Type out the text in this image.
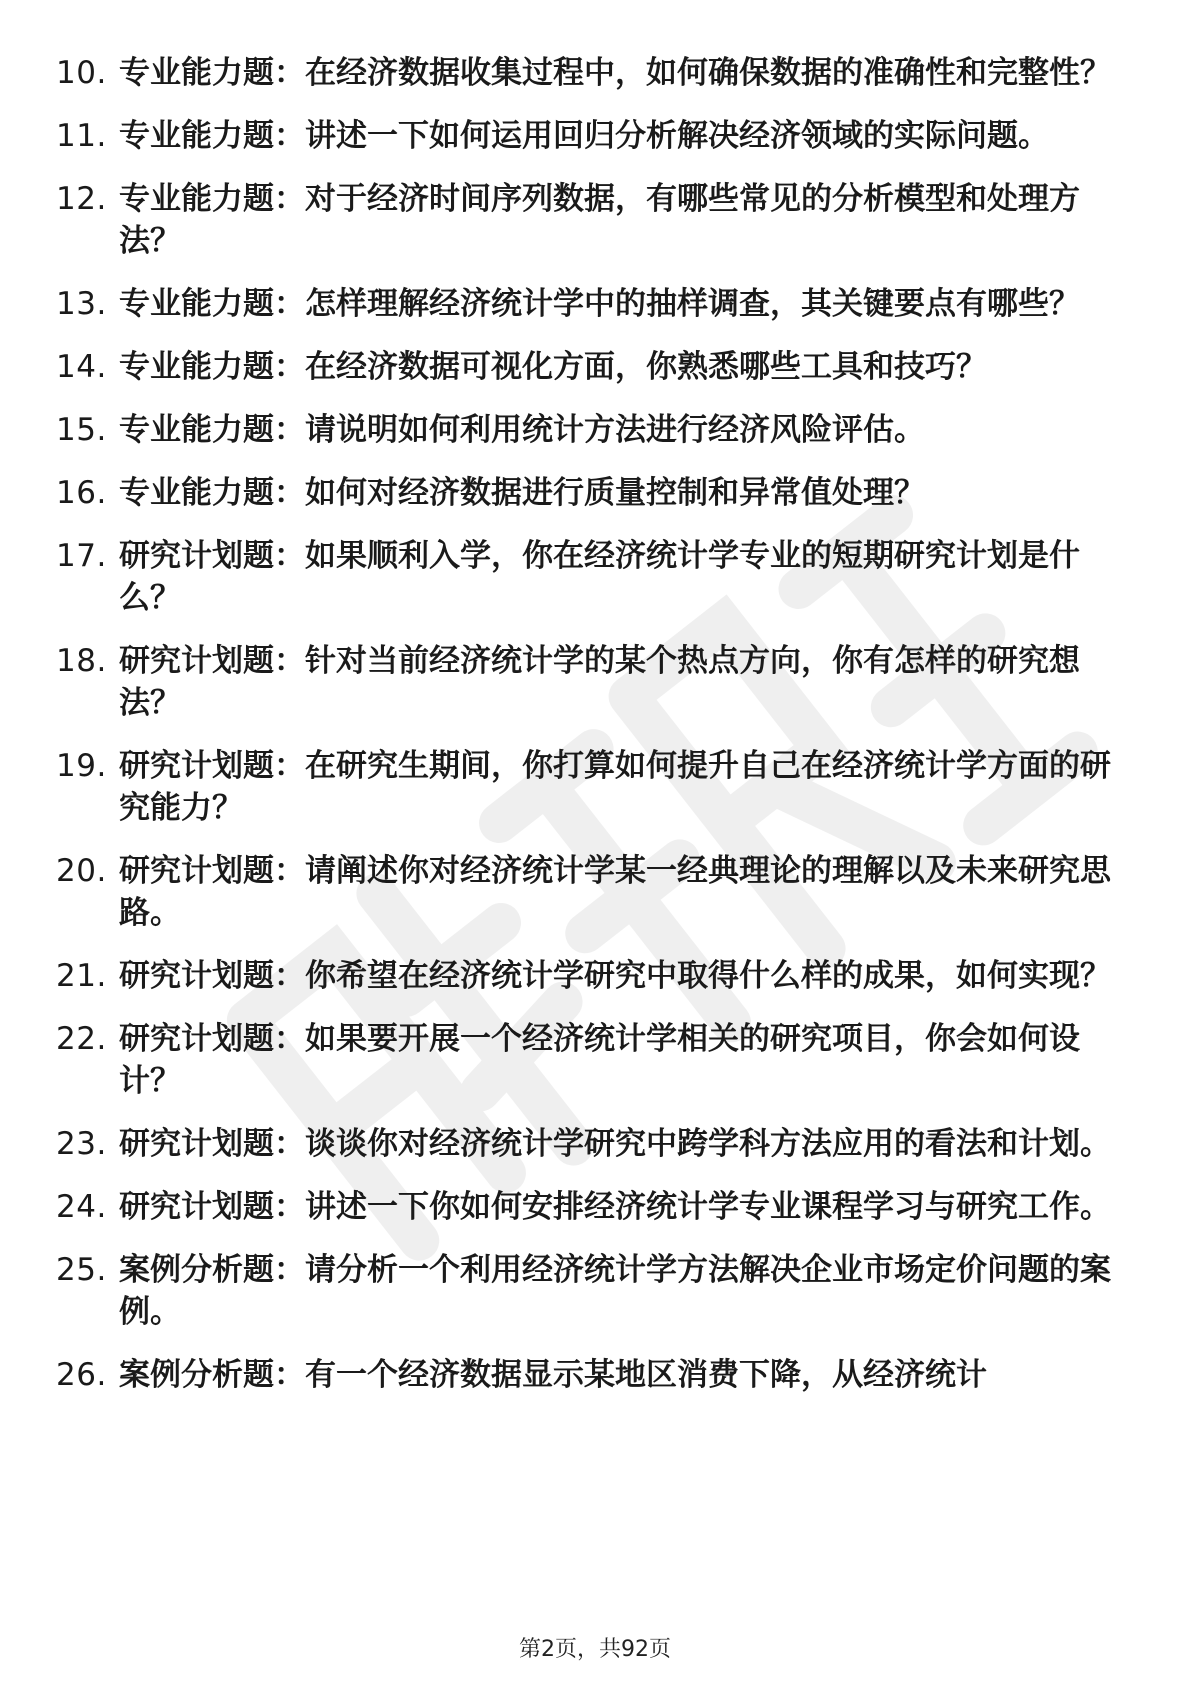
10. 专业能力题：在经济数据收集过程中，如何确保数据的准确性和完整性？
11. 专业能力题：讲述一下如何运用回归分析解决经济领域的实际问题。
12. 专业能力题：对于经济时间序列数据，有哪些常见的分析模型和处理方法？
13. 专业能力题：怎样理解经济统计学中的抽样调查，其关键要点有哪些？
14. 专业能力题：在经济数据可视化方面，你熟悉哪些工具和技巧？
15. 专业能力题：请说明如何利用统计方法进行经济风险评估。
16. 专业能力题：如何对经济数据进行质量控制和异常值处理？
17. 研究计划题：如果顺利入学，你在经济统计学专业的短期研究计划是什么？
18. 研究计划题：针对当前经济统计学的某个热点方向，你有怎样的研究想法？
19. 研究计划题：在研究生期间，你打算如何提升自己在经济统计学方面的研究能力？
20. 研究计划题：请阐述你对经济统计学某一经典理论的理解以及未来研究思路。
21. 研究计划题：你希望在经济统计学研究中取得什么样的成果，如何实现？
22. 研究计划题：如果要开展一个经济统计学相关的研究项目，你会如何设计？
23. 研究计划题：谈谈你对经济统计学研究中跨学科方法应用的看法和计划。
24. 研究计划题：讲述一下你如何安排经济统计学专业课程学习与研究工作。
25. 案例分析题：请分析一个利用经济统计学方法解决企业市场定价问题的案例。
26. 案例分析题：有一个经济数据显示某地区消费下降，从经济统计
第2页，共92页
